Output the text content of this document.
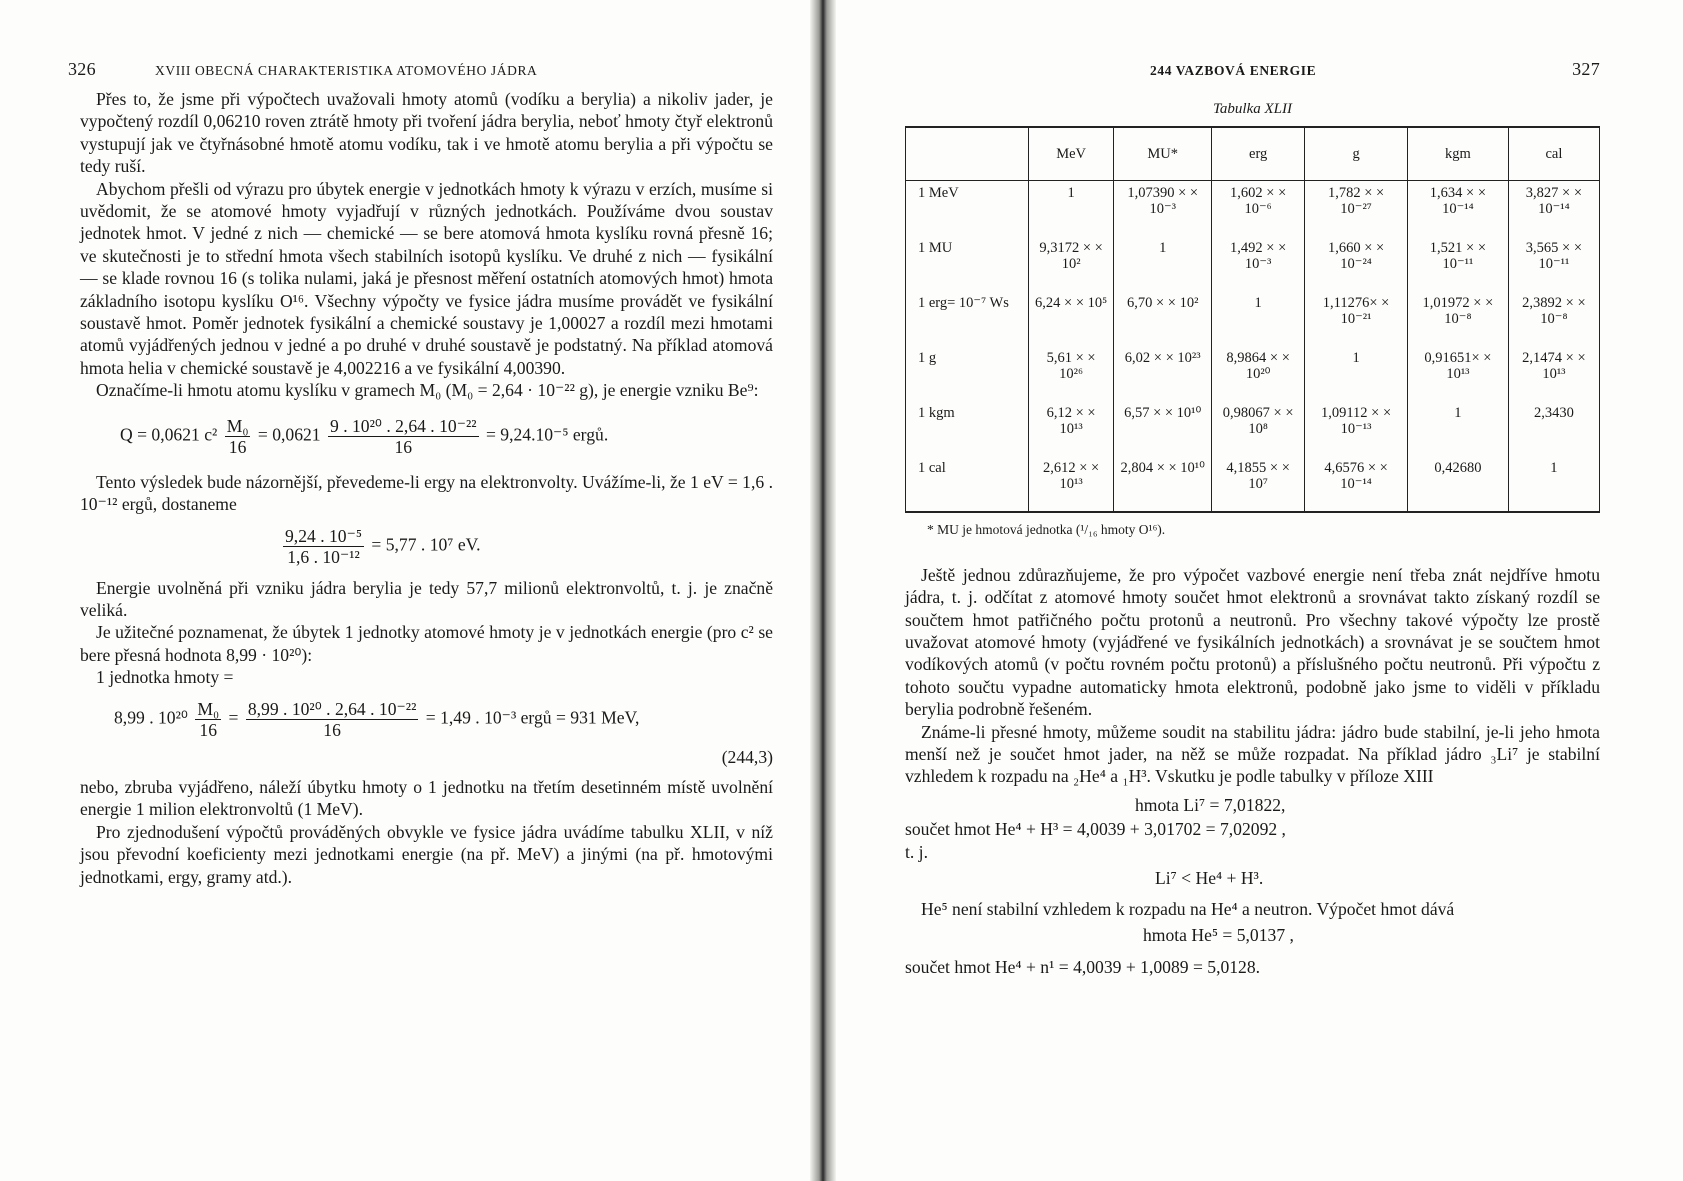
326	XVIII OBECNÁ CHARAKTERISTIKA ATOMOVÉHO JÁDRA

Přes to, že jsme při výpočtech uvažovali hmoty atomů (vodíku a berylia) a nikoliv jader, je vypočtený rozdíl 0,06210 roven ztrátě hmoty při tvoření jádra berylia, neboť hmoty čtyř elektronů vystupují jak ve čtyřnásobné hmotě atomu vodíku, tak i ve hmotě atomu berylia a při výpočtu se tedy ruší.

Abychom přešli od výrazu pro úbytek energie v jednotkách hmoty k výrazu v erzích, musíme si uvědomit, že se atomové hmoty vyjadřují v různých jednotkách. Používáme dvou soustav jednotek hmot. V jedné z nich — chemické — se bere atomová hmota kyslíku rovná přesně 16; ve skutečnosti je to střední hmota všech stabilních isotopů kyslíku. Ve druhé z nich — fysikální — se klade rovnou 16 (s tolika nulami, jaká je přesnost měření ostatních atomových hmot) hmota základního isotopu kyslíku O¹⁶. Všechny výpočty ve fysice jádra musíme provádět ve fysikální soustavě hmot. Poměr jednotek fysikální a chemické soustavy je 1,00027 a rozdíl mezi hmotami atomů vyjádřených jednou v jedné a po druhé v druhé soustavě je podstatný. Na příklad atomová hmota helia v chemické soustavě je 4,002216 a ve fysikální 4,00390.

Označíme-li hmotu atomu kyslíku v gramech M₀ (M₀ = 2,64 · 10⁻²² g), je energie vzniku Be⁹:

Q = 0,0621 $c^2 \frac{\text{M₀}}{16} = 0,0621 \frac{\text{9 . 10²⁰ . 2,64 . 10⁻²²}}{16} = 9,24.10^{-5}$ ergů.

Tento výsledek bude názornější, převedeme-li ergy na elektronvolty. Uvážíme-li, že 1 eV = 1,6 . 10⁻¹² ergů, dostaneme

$\frac{\text{9,24 . 10⁻⁵}}{\text{1,6 . 10⁻¹²}} = 5,77$ . 10⁷ eV.

Energie uvolněná při vzniku jádra berylia je tedy 57,7 milionů elektronvoltů, t. j. je značně veliká.

Je užitečné poznamenat, že úbytek 1 jednotky atomové hmoty je v jednotkách energie (pro c² se bere přesná hodnota 8,99 · 10²⁰):

1 jednotka hmoty =

8,99 . $10^{20} \frac{\text{M₀}}{16} = \frac{\text{8,99 . 10²⁰ . 2,64 . 10⁻²²}}{16} = 1,49$ . 10⁻³ ergů = 931 MeV,
(244,3)

nebo, zbruba vyjádřeno, náleží úbytku hmoty o 1 jednotku na třetím desetinném místě uvolnění energie 1 milion elektronvoltů (1 MeV).

Pro zjednodušení výpočtů prováděných obvykle ve fysice jádra uvádíme tabulku XLII, v níž jsou převodní koeficienty mezi jednotkami energie (na př. MeV) a jinými (na př. hmotovými jednotkami, ergy, gramy atd.).

244 VAZBOVÁ ENERGIE	327
Tabulka XLII
	MeV	MU*	erg	g	kgm	cal
1 MeV	1	1,07390 × × 10⁻³	1,602 × × 10⁻⁶	1,782 × × 10⁻²⁷	1,634 × × 10⁻¹⁴	3,827 × × 10⁻¹⁴
1 MU	9,3172 × × 10²	1	1,492 × × 10⁻³	1,660 × × 10⁻²⁴	1,521 × × 10⁻¹¹	3,565 × × 10⁻¹¹
1 erg= 10⁻⁷ Ws	6,24 × × 10⁵	6,70 × × 10²	1	1,11276× × 10⁻²¹	1,01972 × × 10⁻⁸	2,3892 × × 10⁻⁸
1 g	5,61 × × 10²⁶	6,02 × × 10²³	8,9864 × × 10²⁰	1	0,91651× × 10¹³	2,1474 × × 10¹³
1 kgm	6,12 × × 10¹³	6,57 × × 10¹⁰	0,98067 × × 10⁸	1,09112 × × 10⁻¹³	1	2,3430
1 cal	2,612 × × 10¹³	2,804 × × 10¹⁰	4,1855 × × 10⁷	4,6576 × × 10⁻¹⁴	0,42680	1
* MU je hmotová jednotka (¹/₁₆ hmoty O¹⁶).

Ještě jednou zdůrazňujeme, že pro výpočet vazbové energie není třeba znát nejdříve hmotu jádra, t. j. odčítat z atomové hmoty součet hmot elektronů a srovnávat takto získaný rozdíl se součtem hmot patřičného počtu protonů a neutronů. Pro všechny takové výpočty lze prostě uvažovat atomové hmoty (vyjádřené ve fysikálních jednotkách) a srovnávat je se součtem hmot vodíkových atomů (v počtu rovném počtu protonů) a příslušného počtu neutronů. Při výpočtu z tohoto součtu vypadne automaticky hmota elektronů, podobně jako jsme to viděli v příkladu berylia podrobně řešeném.

Známe-li přesné hmoty, můžeme soudit na stabilitu jádra: jádro bude stabilní, je-li jeho hmota menší než je součet hmot jader, na něž se může rozpadat. Na příklad jádro ₃Li⁷ je stabilní vzhledem k rozpadu na ₂He⁴ a ₁H³. Vskutku je podle tabulky v příloze XIII

hmota Li⁷ = 7,01822,
součet hmot He⁴ + H³ = 4,0039 + 3,01702 = 7,02092 ,
t. j.
Li⁷ < He⁴ + H³.

He⁵ není stabilní vzhledem k rozpadu na He⁴ a neutron. Výpočet hmot dává

hmota He⁵ = 5,0137 ,
součet hmot He⁴ + n¹ = 4,0039 + 1,0089 = 5,0128.
